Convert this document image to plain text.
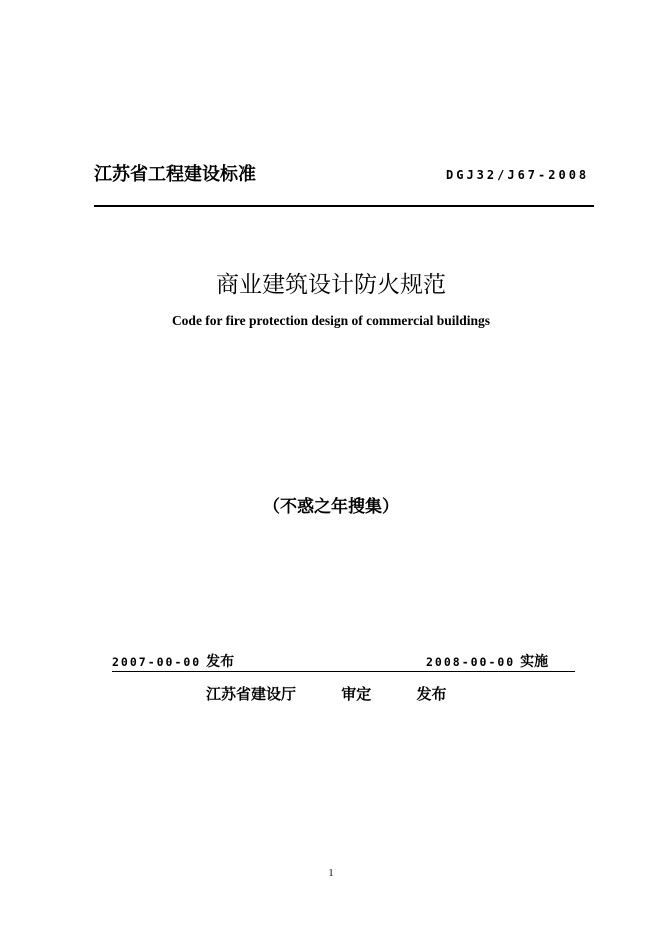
江苏省工程建设标准	DGJ32/J67-2008
商业建筑设计防火规范
Code for fire protection design of commercial buildings
（不惑之年搜集）
2007-00-00 发布	2008-00-00 实施
江苏省建设厅	审定	发布
1
